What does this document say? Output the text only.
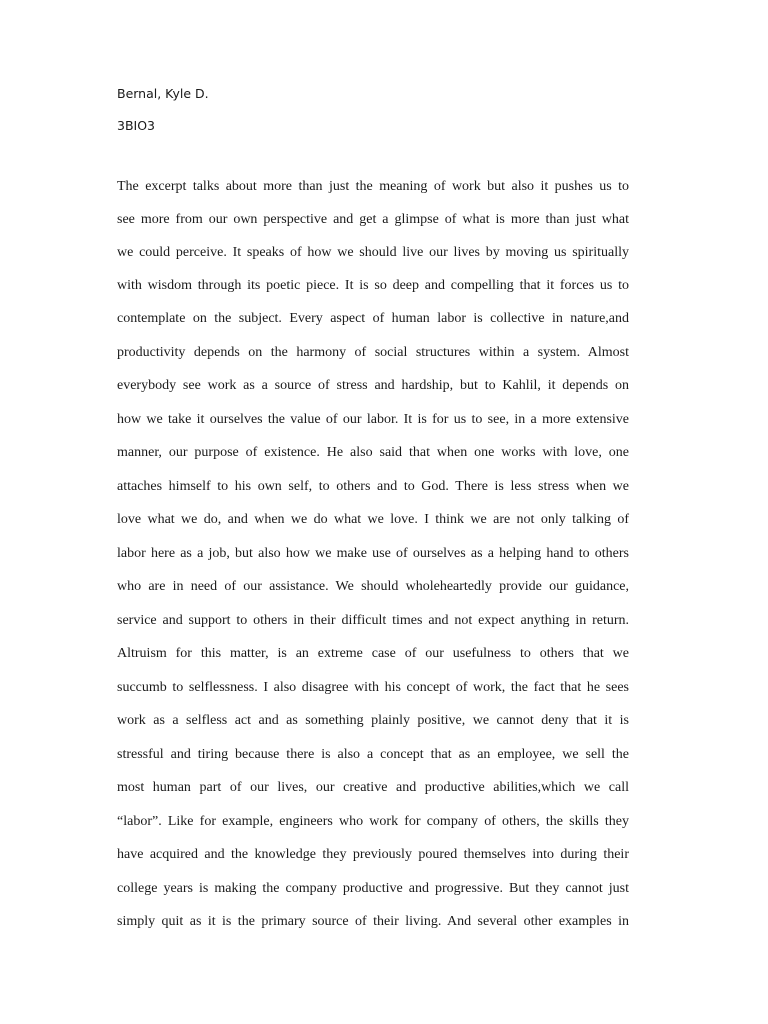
Bernal, Kyle D.
3BIO3
The excerpt talks about more than just the meaning of work but also it pushes us to
see more from our own perspective and get a glimpse of what is more than just what
we could perceive. It speaks of how we should live our lives by moving us spiritually
with wisdom through its poetic piece. It is so deep and compelling that it forces us to
contemplate on the subject. Every aspect of human labor is collective in nature,and
productivity depends on the harmony of social structures within a system. Almost
everybody see work as a source of stress and hardship, but to Kahlil, it depends on
how we take it ourselves the value of our labor. It is for us to see, in a more extensive
manner, our purpose of existence. He also said that when one works with love, one
attaches himself to his own self, to others and to God. There is less stress when we
love what we do, and when we do what we love. I think we are not only talking of
labor here as a job, but also how we make use of ourselves as a helping hand to others
who are in need of our assistance. We should wholeheartedly provide our guidance,
service and support to others in their difficult times and not expect anything in return.
Altruism for this matter, is an extreme case of our usefulness to others that we
succumb to selflessness. I also disagree with his concept of work, the fact that he sees
work as a selfless act and as something plainly positive, we cannot deny that it is
stressful and tiring because there is also a concept that as an employee, we sell the
most human part of our lives, our creative and productive abilities,which we call
“labor”. Like for example, engineers who work for company of others, the skills they
have acquired and the knowledge they previously poured themselves into during their
college years is making the company productive and progressive. But they cannot just
simply quit as it is the primary source of their living. And several other examples in
